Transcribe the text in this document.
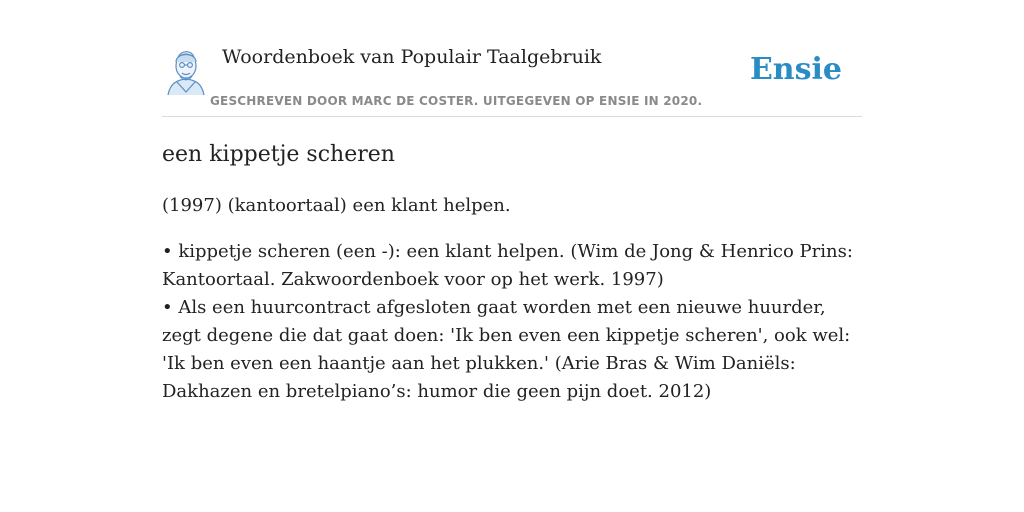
Woordenboek van Populair Taalgebruik
GESCHREVEN DOOR MARC DE COSTER. UITGEGEVEN OP ENSIE IN 2020.
Ensie
een kippetje scheren

(1997) (kantoortaal) een klant helpen.

• kippetje scheren (een -): een klant helpen. (Wim de Jong & Henrico Prins: Kantoortaal. Zakwoordenboek voor op het werk. 1997)
• Als een huurcontract afgesloten gaat worden met een nieuwe huurder, zegt degene die dat gaat doen: 'Ik ben even een kippetje scheren', ook wel: 'Ik ben even een haantje aan het plukken.' (Arie Bras & Wim Daniëls: Dakhazen en bretelpiano’s: humor die geen pijn doet. 2012)
